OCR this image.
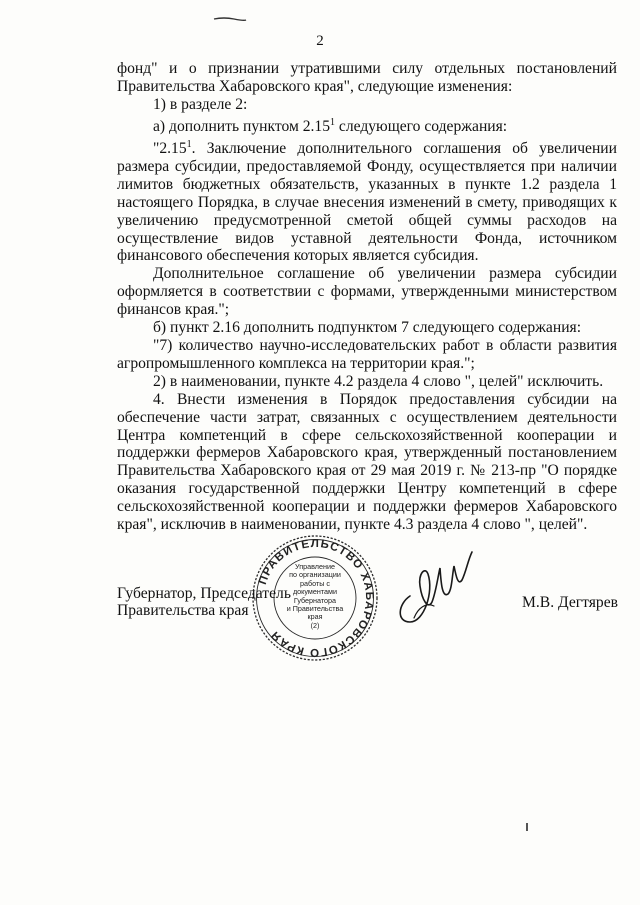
2

фонд" и о признании утратившими силу отдельных постановлений Правительства Хабаровского края", следующие изменения:

1) в разделе 2:

а) дополнить пунктом 2.15$^1$ следующего содержания:

"2.15$^1$. Заключение дополнительного соглашения об увеличении размера субсидии, предоставляемой Фонду, осуществляется при наличии лимитов бюджетных обязательств, указанных в пункте 1.2 раздела 1 настоящего Порядка, в случае внесения изменений в смету, приводящих к увеличению предусмотренной сметой общей суммы расходов на осуществление видов уставной деятельности Фонда, источником финансового обеспечения которых является субсидия.

Дополнительное соглашение об увеличении размера субсидии оформляется в соответствии с формами, утвержденными министерством финансов края.";

б) пункт 2.16 дополнить подпунктом 7 следующего содержания:

"7) количество научно-исследовательских работ в области развития агропромышленного комплекса на территории края.";

2) в наименовании, пункте 4.2 раздела 4 слово ", целей" исключить.

4. Внести изменения в Порядок предоставления субсидии на обеспечение части затрат, связанных с осуществлением деятельности Центра компетенций в сфере сельскохозяйственной кооперации и поддержки фермеров Хабаровского края, утвержденный постановлением Правительства Хабаровского края от 29 мая 2019 г. № 213-пр "О порядке оказания государственной поддержки Центру компетенций в сфере сельскохозяйственной кооперации и поддержки фермеров Хабаровского края", исключив в наименовании, пункте 4.3 раздела 4 слово ", целей".

ПРАВИТЕЛЬСТВО ХАБАРОВСКОГО КРАЯ
Управление
по организации
работы с документами
Губернатора
и Правительства
края
(2)
Губернатор, Председатель
Правительства края	М.В. Дегтярев
